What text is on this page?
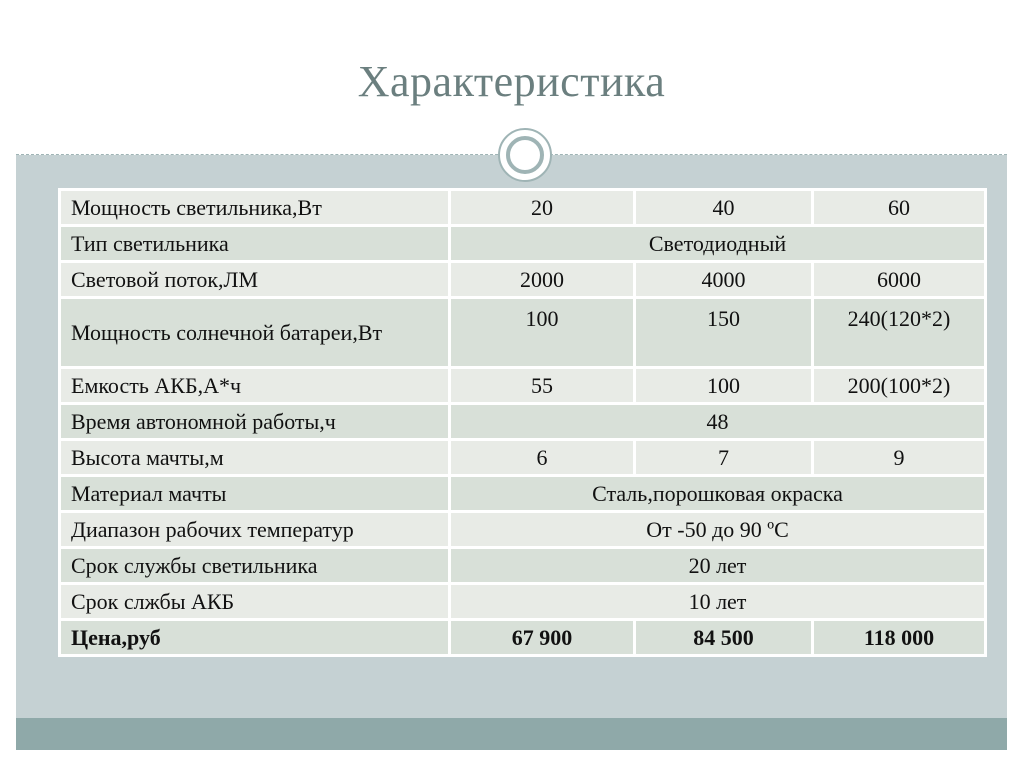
Характеристика
Мощность светильника,Вт	20	40	60
Тип светильника	Светодиодный		
Световой поток,ЛМ	2000	4000	6000
Мощность солнечной батареи,Вт	100	150	240(120*2)
Емкость АКБ,А*ч	55	100	200(100*2)
Время автономной работы,ч	48		
Высота мачты,м	6	7	9
Материал мачты	Сталь,порошковая окраска		
Диапазон рабочих температур	От -50 до 90 ºС		
Срок службы светильника	20 лет		
Срок слжбы АКБ	10 лет		
Цена,руб	67 900	84 500	118 000
